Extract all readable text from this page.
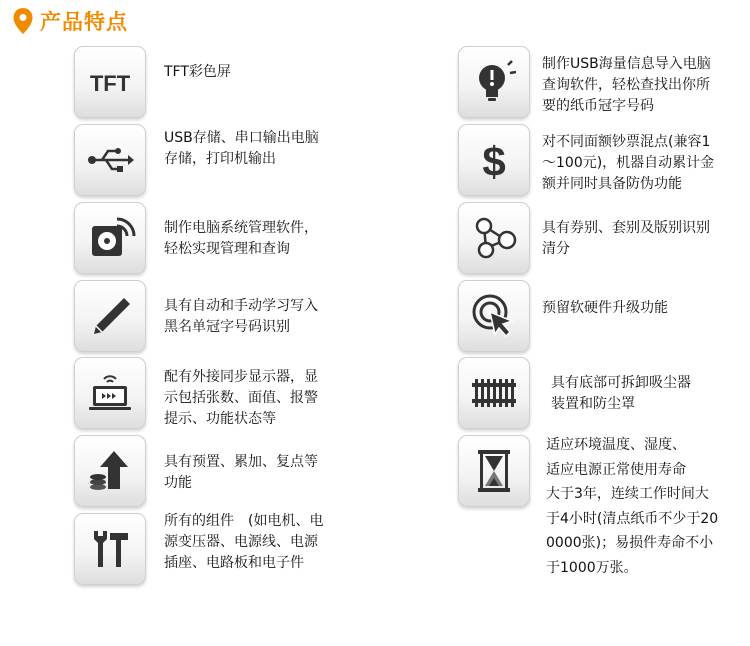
产品特点
TFT TFT彩色屏
USB存储、串口输出电脑
存储，打印机输出
制作电脑系统管理软件，
轻松实现管理和查询
具有自动和手动学习写入
黑名单冠字号码识别
配有外接同步显示器，显
示包括张数、面值、报警
提示、功能状态等
具有预置、累加、复点等
功能
所有的组件　(如电机、电
源变压器、电源线、电源
插座、电路板和电子件
制作USB海量信息导入电脑
查询软件，轻松查找出你所
要的纸币冠字号码
$	对不同面额钞票混点(兼容1
～100元)，机器自动累计金
额并同时具备防伪功能
具有券别、套别及版别识别
清分
预留软硬件升级功能
具有底部可拆卸吸尘器
装置和防尘罩
适应环境温度、湿度、
适应电源正常使用寿命
大于3年，连续工作时间大
于4小时(清点纸币不少于20
0000张)；易损件寿命不小
于1000万张。
